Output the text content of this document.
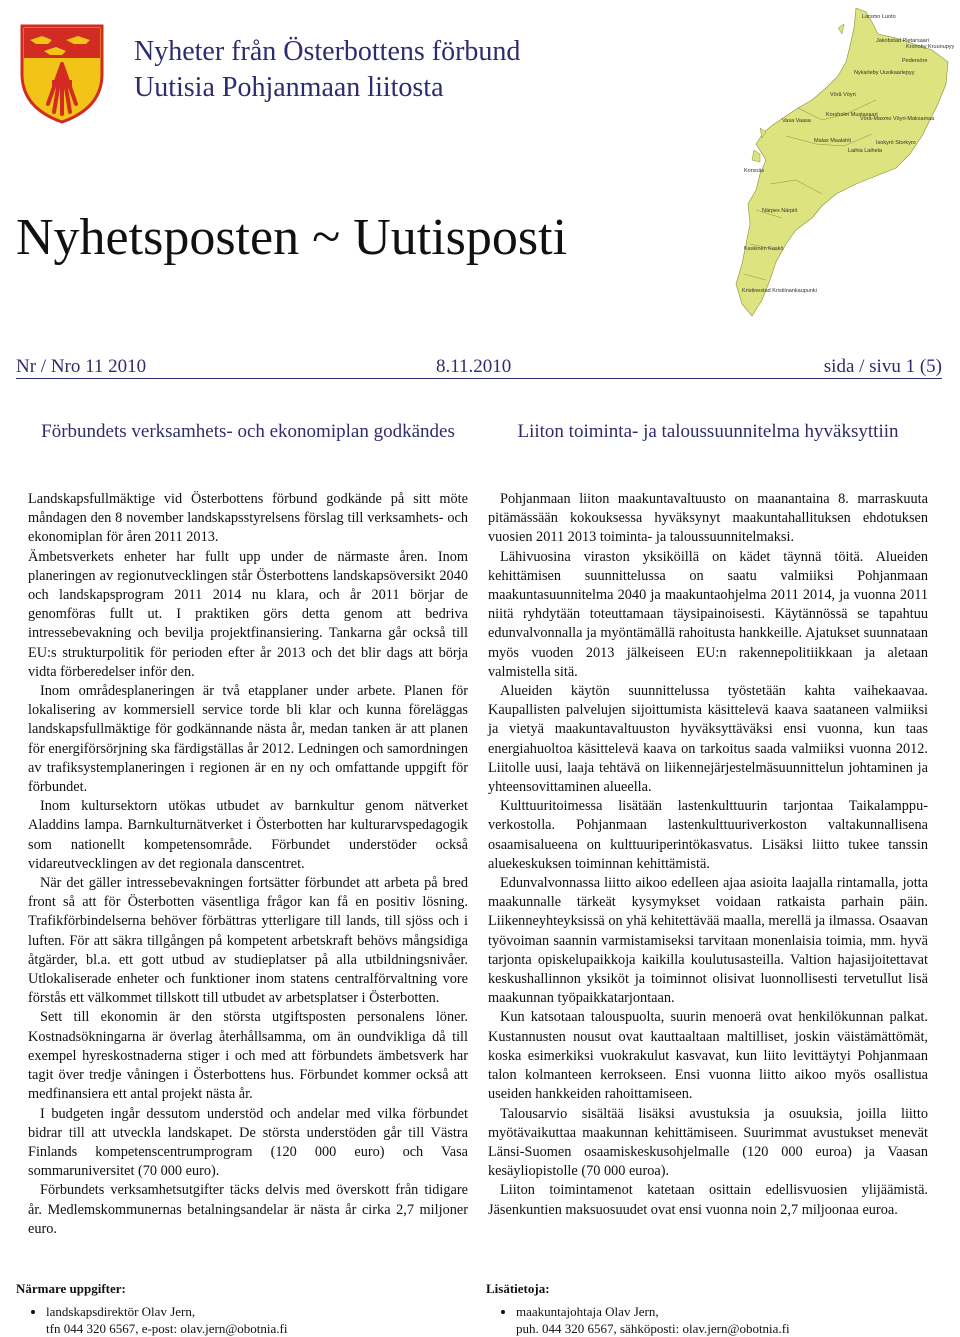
Nyheter från Österbottens förbund
Uutisia Pohjanmaan liitosta
Nyhetsposten ~ Uutisposti
Larsmo Luoto
Jakobstad Pietarsaari
Kronoby Kruunupyy
Pedersöre
Nykarleby Uusikaarlepyy
Vörå Vöyri
Vasa Vaasa
Korsholm Mustasaari
Vörå-Maxmo Vöyri-Maksamaa
Malax Maalahti
Laihia Laihela
Isokyrö Storkyro
Korsnäs
Närpes Närpiö
Kaskinen Kaskö
Kristinestad Kristiinankaupunki
Nr / Nro 11 2010	8.11.2010	sida / sivu 1 (5)
Förbundets verksamhets- och ekonomiplan godkändes	Liiton toiminta- ja taloussuunnitelma hyväksyttiin

Landskapsfullmäktige vid Österbottens förbund godkände på sitt möte måndagen den 8 november landskapsstyrelsens förslag till verksamhets- och ekonomiplan för åren 2011 2013.

Ämbetsverkets enheter har fullt upp under de närmaste åren. Inom planeringen av regionutvecklingen står Österbottens landskapsöversikt 2040 och landskapsprogram 2011 2014 nu klara, och år 2011 börjar de genomföras fullt ut. I praktiken görs detta genom att bedriva intressebevakning och bevilja projektfinansiering. Tankarna går också till EU:s strukturpolitik för perioden efter år 2013 och det blir dags att börja vidta förberedelser inför den.

Inom områdesplaneringen är två etapplaner under arbete. Planen för lokalisering av kommersiell service torde bli klar och kunna föreläggas landskapsfullmäktige för godkännande nästa år, medan tanken är att planen för energiförsörjning ska färdigställas år 2012. Ledningen och samordningen av trafiksystemplaneringen i regionen är en ny och omfattande uppgift för förbundet.

Inom kultursektorn utökas utbudet av barnkultur genom nätverket Aladdins lampa. Barnkulturnätverket i Österbotten har kulturarvspedagogik som nationellt kompetensområde. Förbundet understöder också vidareutvecklingen av det regionala danscentret.

När det gäller intressebevakningen fortsätter förbundet att arbeta på bred front så att för Österbotten väsentliga frågor kan få en positiv lösning. Trafikförbindelserna behöver förbättras ytterligare till lands, till sjöss och i luften. För att säkra tillgången på kompetent arbetskraft behövs mångsidiga åtgärder, bl.a. ett gott utbud av studieplatser på alla utbildningsnivåer. Utlokaliserade enheter och funktioner inom statens centralförvaltning vore förstås ett välkommet tillskott till utbudet av arbetsplatser i Österbotten.

Sett till ekonomin är den största utgiftsposten personalens löner. Kostnadsökningarna är överlag återhållsamma, om än oundvikliga då till exempel hyreskostnaderna stiger i och med att förbundets ämbetsverk har tagit över tredje våningen i Österbottens hus. Förbundet kommer också att medfinansiera ett antal projekt nästa år.

I budgeten ingår dessutom understöd och andelar med vilka förbundet bidrar till att utveckla landskapet. De största understöden går till Västra Finlands kompetenscentrumprogram (120 000 euro) och Vasa sommaruniversitet (70 000 euro).

Förbundets verksamhetsutgifter täcks delvis med överskott från tidigare år. Medlemskommunernas betalningsandelar är nästa år cirka 2,7 miljoner euro.

Pohjanmaan liiton maakuntavaltuusto on maanantaina 8. marraskuuta pitämässään kokouksessa hyväksynyt maakuntahallituksen ehdotuksen vuosien 2011 2013 toiminta- ja taloussuunnitelmaksi.

Lähivuosina viraston yksiköillä on kädet täynnä töitä. Alueiden kehittämisen suunnittelussa on saatu valmiiksi Pohjanmaan maakuntasuunnitelma 2040 ja maakuntaohjelma 2011 2014, ja vuonna 2011 niitä ryhdytään toteuttamaan täysipainoisesti. Käytännössä se tapahtuu edunvalvonnalla ja myöntämällä rahoitusta hankkeille. Ajatukset suunnataan myös vuoden 2013 jälkeiseen EU:n rakennepolitiikkaan ja aletaan valmistella sitä.

Alueiden käytön suunnittelussa työstetään kahta vaihekaavaa. Kaupallisten palvelujen sijoittumista käsittelevä kaava saataneen valmiiksi ja vietyä maakuntavaltuuston hyväksyttäväksi ensi vuonna, kun taas energiahuoltoa käsittelevä kaava on tarkoitus saada valmiiksi vuonna 2012. Liitolle uusi, laaja tehtävä on liikennejärjestelmäsuunnittelun johtaminen ja yhteensovittaminen alueella.

Kulttuuritoimessa lisätään lastenkulttuurin tarjontaa Taikalamppu-verkostolla. Pohjanmaan lastenkulttuuriverkoston valtakunnallisena osaamisalueena on kulttuuriperintökasvatus. Lisäksi liitto tukee tanssin aluekeskuksen toiminnan kehittämistä.

Edunvalvonnassa liitto aikoo edelleen ajaa asioita laajalla rintamalla, jotta maakunnalle tärkeät kysymykset voidaan ratkaista parhain päin. Liikenneyhteyksissä on yhä kehitettävää maalla, merellä ja ilmassa. Osaavan työvoiman saannin varmistamiseksi tarvitaan monenlaisia toimia, mm. hyvä tarjonta opiskelupaikkoja kaikilla koulutusasteilla. Valtion hajasijoitettavat keskushallinnon yksiköt ja toiminnot olisivat luonnollisesti tervetullut lisä maakunnan työpaikkatarjontaan.

Kun katsotaan talouspuolta, suurin menoerä ovat henkilökunnan palkat. Kustannusten nousut ovat kauttaaltaan maltilliset, joskin väistämättömät, koska esimerkiksi vuokrakulut kasvavat, kun liito levittäytyi Pohjanmaan talon kolmanteen kerrokseen. Ensi vuonna liitto aikoo myös osallistua useiden hankkeiden rahoittamiseen.

Talousarvio sisältää lisäksi avustuksia ja osuuksia, joilla liitto myötävaikuttaa maakunnan kehittämiseen. Suurimmat avustukset menevät Länsi-Suomen osaamiskeskusohjelmalle (120 000 euroa) ja Vaasan kesäyliopistolle (70 000 euroa).

Liiton toimintamenot katetaan osittain edellisvuosien ylijäämistä. Jäsenkuntien maksuosuudet ovat ensi vuonna noin 2,7 miljoonaa euroa.

Närmare uppgifter:
• landskapsdirektör Olav Jern,
tfn 044 320 6567, e-post: olav.jern@obotnia.fi
Lisätietoja:
• maakuntajohtaja Olav Jern,
puh. 044 320 6567, sähköposti: olav.jern@obotnia.fi
